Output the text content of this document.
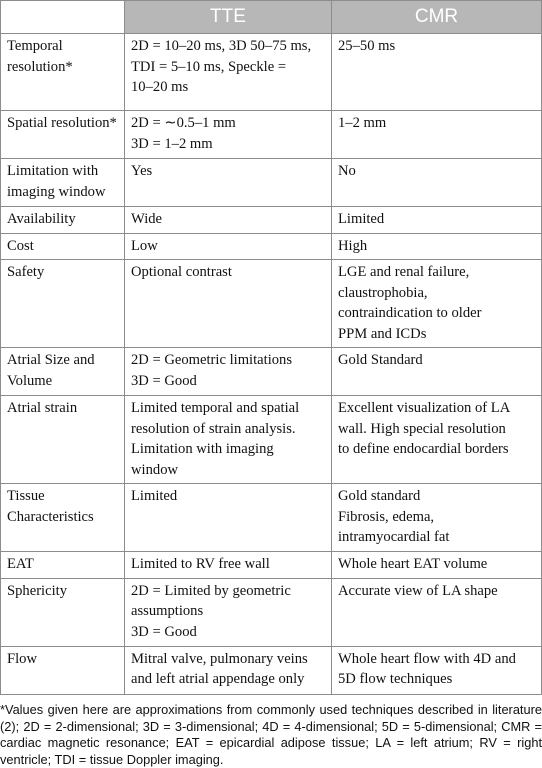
	TTE	CMR
Temporal
resolution*	2D = 10–20 ms, 3D 50–75 ms,
TDI = 5–10 ms, Speckle =
10–20 ms	25–50 ms
Spatial resolution*	2D = ∼0.5–1 mm
3D = 1–2 mm	1–2 mm
Limitation with
imaging window	Yes	No
Availability	Wide	Limited
Cost	Low	High
Safety	Optional contrast	LGE and renal failure,
claustrophobia,
contraindication to older
PPM and ICDs
Atrial Size and
Volume	2D = Geometric limitations
3D = Good	Gold Standard
Atrial strain	Limited temporal and spatial
resolution of strain analysis.
Limitation with imaging
window	Excellent visualization of LA
wall. High special resolution
to define endocardial borders
Tissue
Characteristics	Limited	Gold standard
Fibrosis, edema,
intramyocardial fat
EAT	Limited to RV free wall	Whole heart EAT volume
Sphericity	2D = Limited by geometric
assumptions
3D = Good	Accurate view of LA shape
Flow	Mitral valve, pulmonary veins
and left atrial appendage only	Whole heart flow with 4D and
5D flow techniques

*Values given here are approximations from commonly used techniques described in literature (2); 2D = 2-dimensional; 3D = 3-dimensional; 4D = 4-dimensional; 5D = 5-dimensional; CMR = cardiac magnetic resonance; EAT = epicardial adipose tissue; LA = left atrium; RV = right ventricle; TDI = tissue Doppler imaging.
